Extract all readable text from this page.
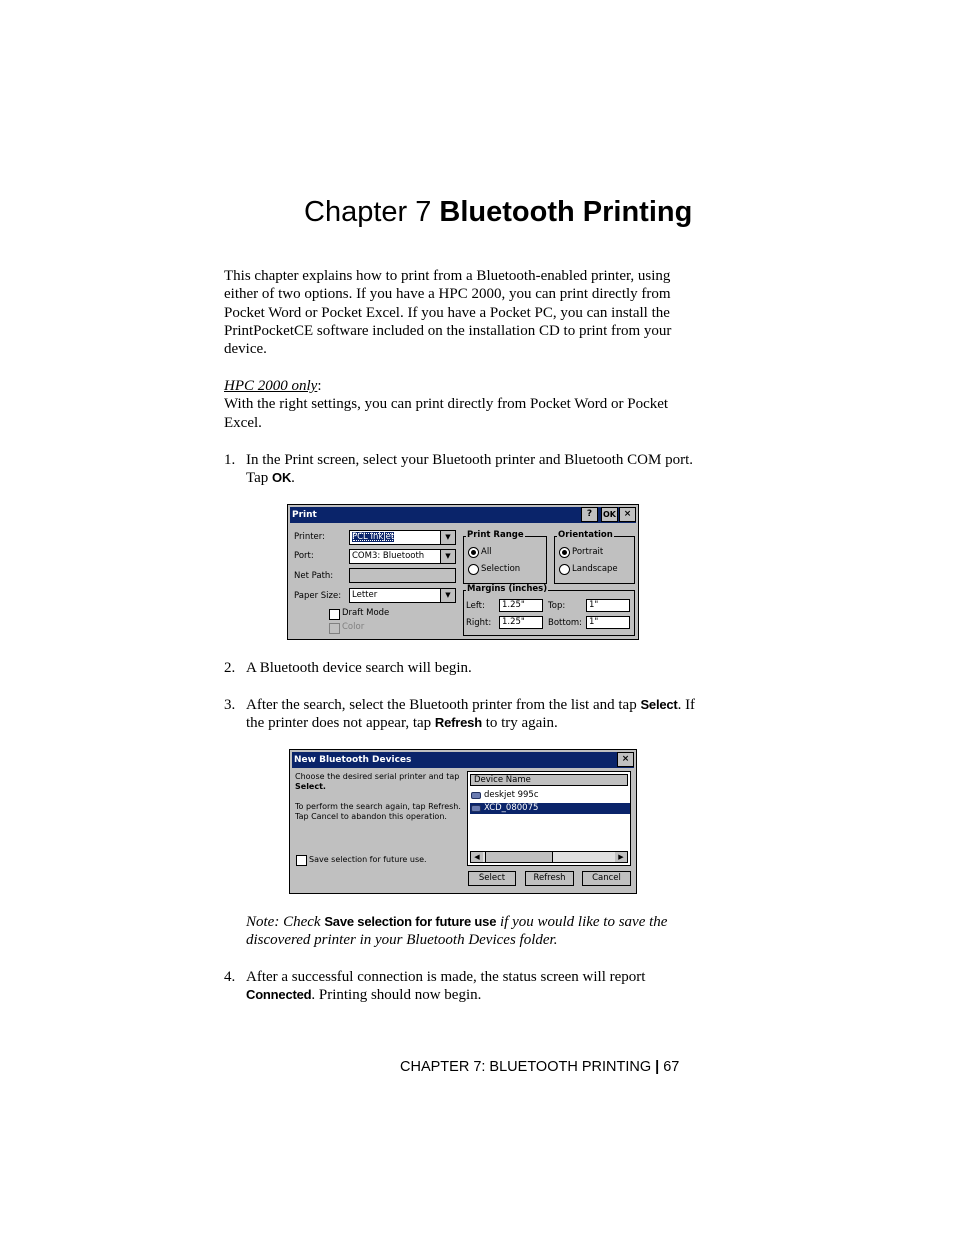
Chapter 7 Bluetooth Printing
This chapter explains how to print from a Bluetooth-enabled printer, using either of two options. If you have a HPC 2000, you can print directly from Pocket Word or Pocket Excel. If you have a Pocket PC, you can install the PrintPocketCE software included on the installation CD to print from your device.
HPC 2000 only:
With the right settings, you can print directly from Pocket Word or Pocket Excel.
1. In the Print screen, select your Bluetooth printer and Bluetooth COM port. Tap OK.
Print	?	OK ×
Printer:	PCL Inkjet	▼
Port:	COM3: Bluetooth	▼
Net Path:
Paper Size:	Letter	▼
Draft Mode
Color
Print Range
All
Selection
Orientation
Portrait
Landscape
Margins (inches)
Left:	1.25"	Top:	1"
Right:	1.25"	Bottom: 1"
2. A Bluetooth device search will begin.
3. After the search, select the Bluetooth printer from the list and tap Select. If the printer does not appear, tap Refresh to try again.
New Bluetooth Devices	×
Choose the desired serial printer and tap
Select.
To perform the search again, tap Refresh.
Tap Cancel to abandon this operation.
Save selection for future use.
Device Name
deskjet 995c
XCD_080075
◀	▶
Select	Refresh	Cancel
Note: Check Save selection for future use if you would like to save the discovered printer in your Bluetooth Devices folder.
4. After a successful connection is made, the status screen will report Connected. Printing should now begin.
CHAPTER 7: BLUETOOTH PRINTING | 67
